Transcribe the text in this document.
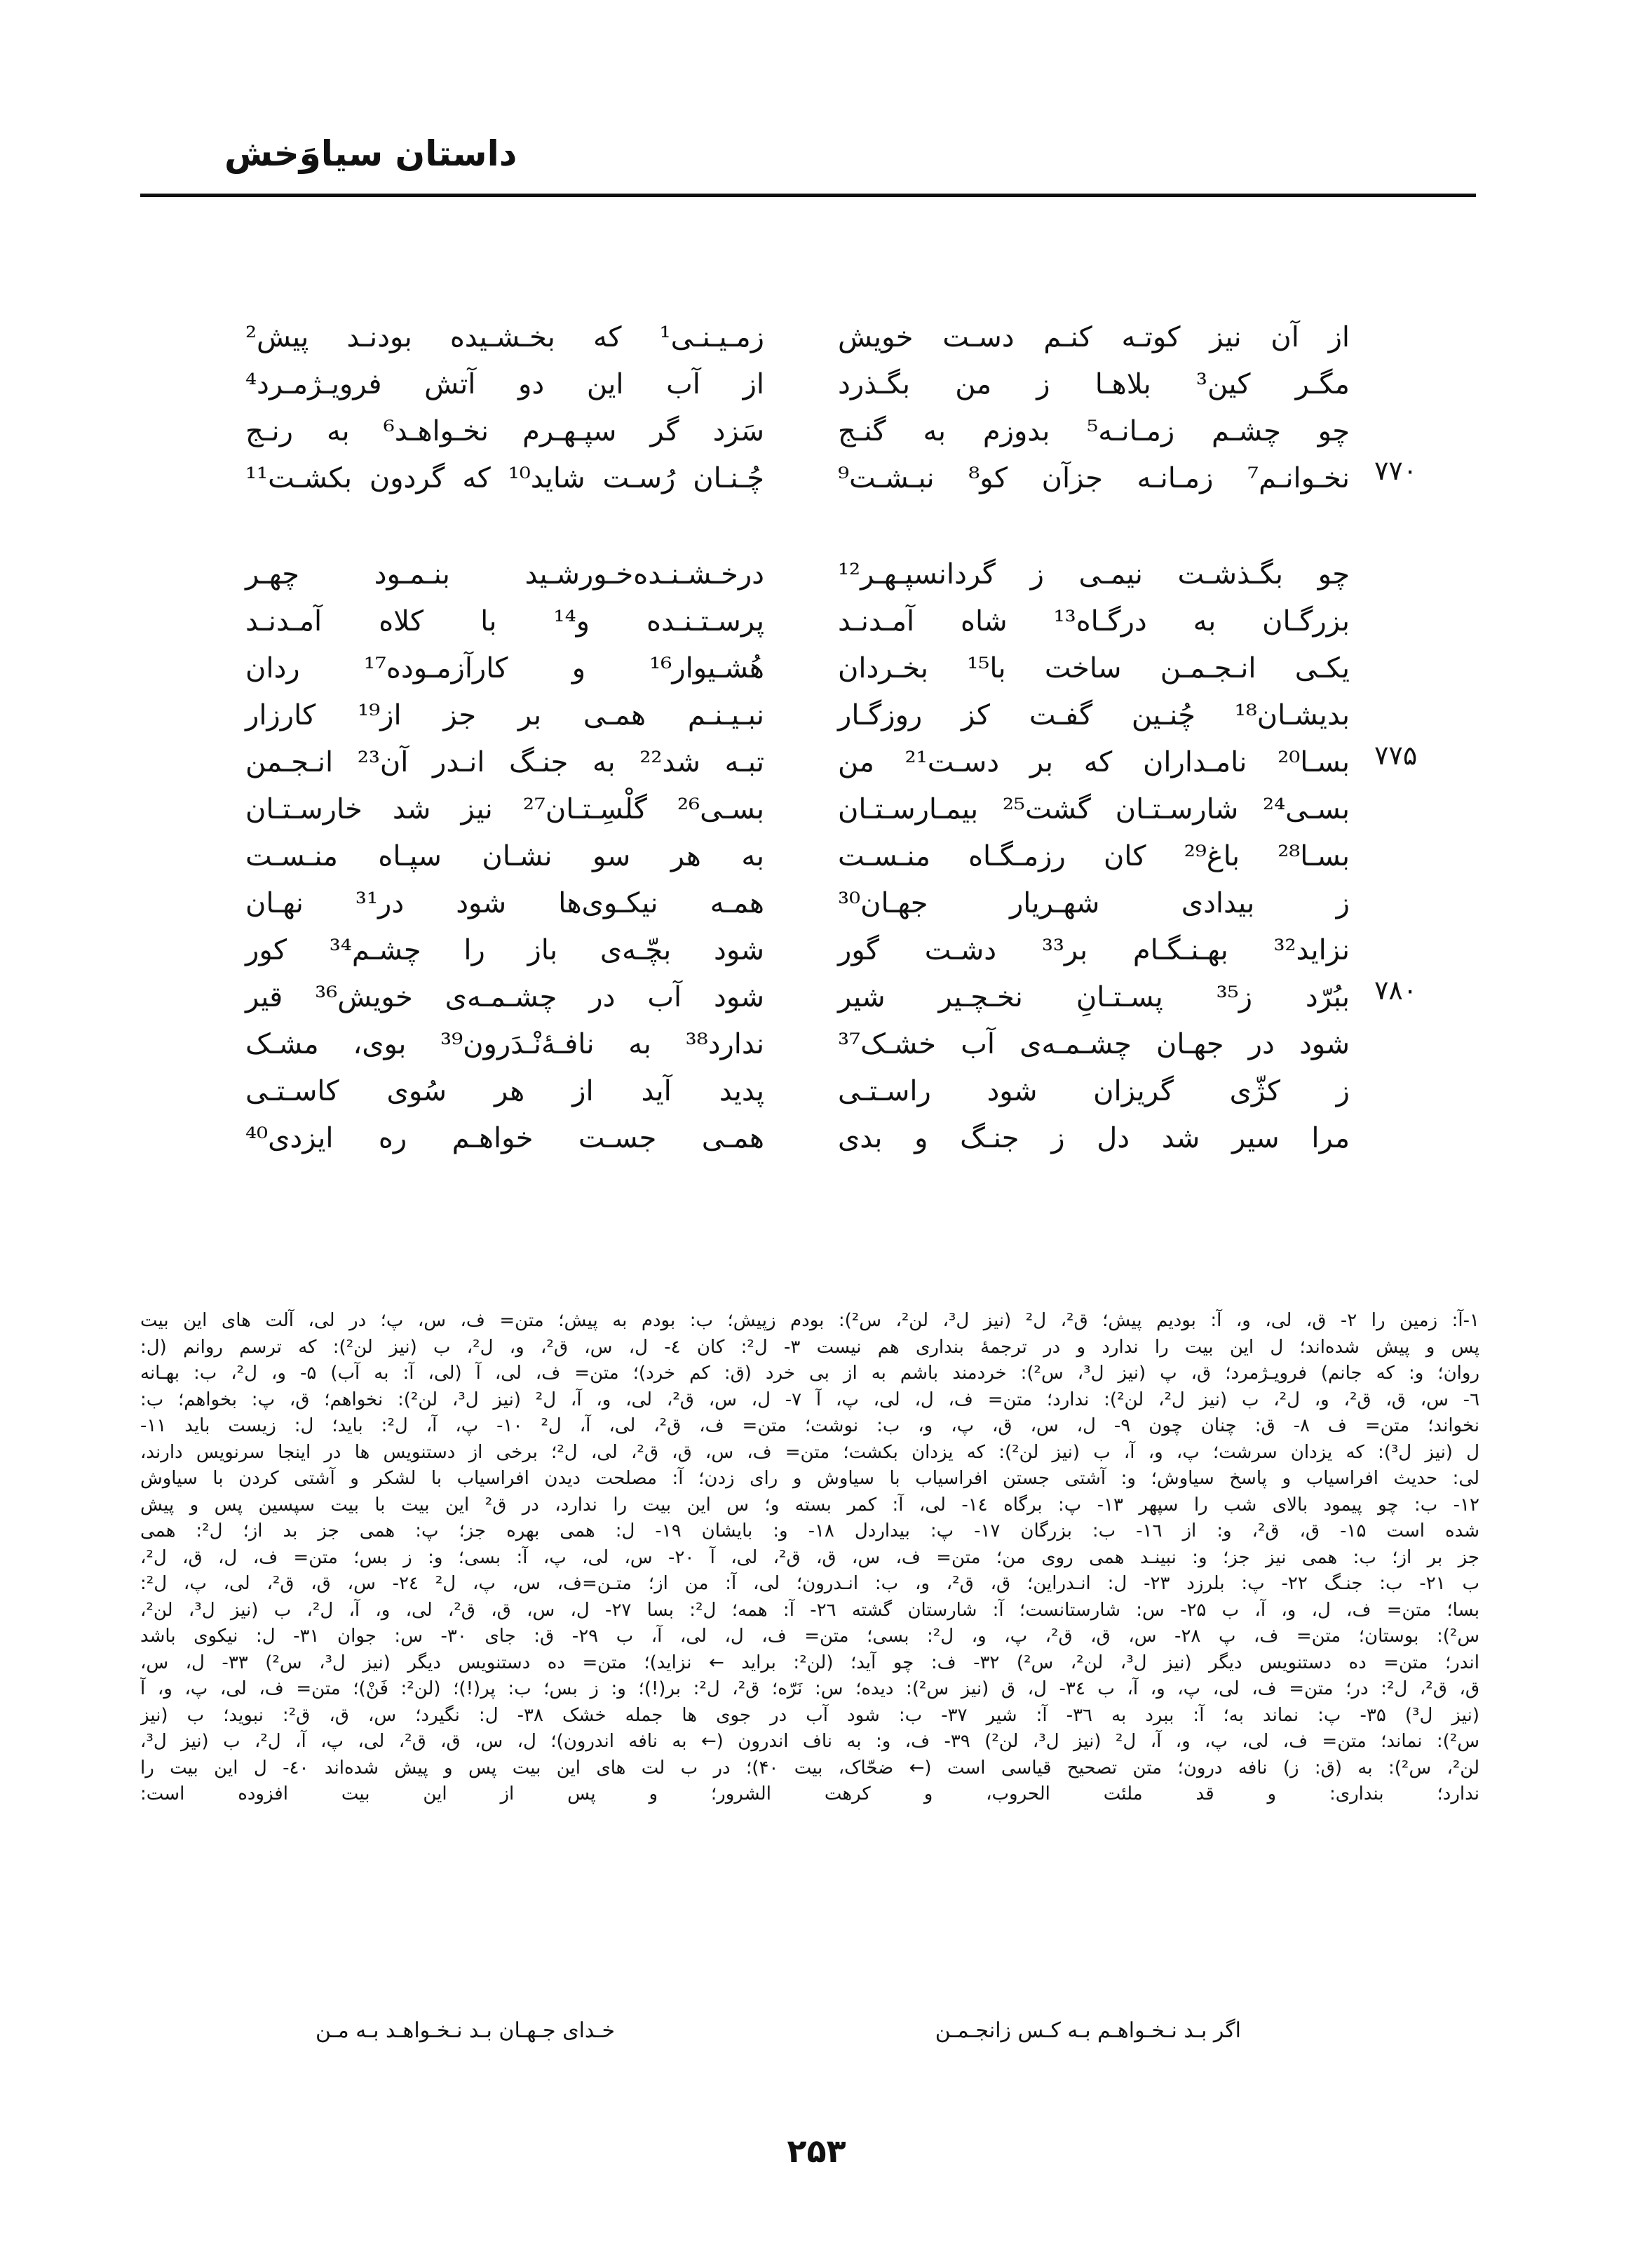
داستان سیاوَخش
از آن نیز کوتـه کنـم دسـت خویش
مگـر کین³ بلاهـا ز من بگـذرد
چو چشـم زمـانـه⁵ بدوزم به گنـج
نخـوانـم⁷ زمـانـه جزآن کو⁸ نبـشـت⁹
چو بگـذشـت نیمـی ز گردانسپـهـر¹²
بزرگـان به درگـاه¹³ شاه آمـدنـد
یکـی انـجـمـن ساخت با¹⁵ بخـردان
بدیشـان¹⁸ چُنـین گفـت کز روزگـار
بسـا²⁰ نامـداران که بر دسـت²¹ من
بسـی²⁴ شارسـتـان گشت²⁵ بیمـارسـتـان
بسـا²⁸ باغ²⁹ کان رزمـگـاه منـسـت
ز بیدادی شهـریار جهـان³⁰
نزاید³² بهـنـگـام بر³³ دشـت گور
ببُرّد ز³⁵ پسـتـانِ نخـچـیر شیر
شود در جهـان چشـمـه‌ی آب خشـک³⁷
ز کژّی گریزان شود راسـتـی
مرا سیر شد دل ز جنـگ و بدی
زمـیـنـی¹ که بخـشـیده بودنـد پیش²
از آب این دو آتش فرویـژمـرد⁴
سَزد گر سپـهـرم نخـواهـد⁶ به رنـج
چُـنـان رُسـت شاید¹⁰ که گردون بکشـت¹¹
درخـشـنـده‌خـورشـید بنـمـود چهـر
پرسـتـنـده و¹⁴ با کلاه آمـدنـد
هُشـیوار¹⁶ و کارآزمـوده¹⁷ ردان
نبـیـنـم همـی بر جز از¹⁹ کارزار
تبـه شد²² به جنـگ انـدر آن²³ انـجـمن
بسـی²⁶ گلْسِـتـان²⁷ نیز شد خارسـتـان
به هر سو نشـان سپـاه منـسـت
همـه نیکـوی‌ها شود در³¹ نهـان
شود بچّـه‌ی باز را چشـم³⁴ کور
شود آب در چشـمـه‌ی خویش³⁶ قیر
ندارد³⁸ به نافـهٔ‌نْـدَرون³⁹ بوی، مشـک
پدید آید از هر سُوی کاسـتـی
همـی جسـت خواهـم ره ایزدی⁴⁰
۷۷۰
۷۷۵
۷۸۰
۱-آ: زمین را ۲- ق، لی، و، آ: بودیم پیش؛ ق²، ل² (نیز ل³، لن²، س²): بودم زپیش؛ ب: بودم به پیش؛ متن= ف، س، پ؛ در لی، آلت های این بیت
پس و پیش شده‌اند؛ ل این بیت را ندارد و در ترجمهٔ بنداری هم نیست ۳- ل²: کان ٤- ل، س، ق²، و، ل²، ب (نیز لن²): که ترسم روانم (ل:
روان؛ و: که جانم) فرویـژمرد؛ ق، پ (نیز ل³، س²): خردمند باشم به از بی خرد (ق: کم خرد)؛ متن= ف، لی، آ (لی، آ: به آب) ۵- و، ل²، ب: بهـانه
٦- س، ق، ق²، و، ل²، ب (نیز ل²، لن²): ندارد؛ متن= ف، ل، لی، پ، آ ۷- ل، س، ق²، لی، و، آ، ل² (نیز ل³، لن²): نخواهم؛ ق، پ: بخواهم؛ ب:
نخواند؛ متن= ف ۸- ق: چنان چون ۹- ل، س، ق، پ، و، ب: نوشت؛ متن= ف، ق²، لی، آ، ل² ۱۰- پ، آ، ل²: باید؛ ل: زیست باید ۱۱-
ل (نیز ل³): که یزدان سرشت؛ پ، و، آ، ب (نیز لن²): که یزدان بکشت؛ متن= ف، س، ق، ق²، لی، ل²؛ برخی از دستنویس ها در اینجا سرنویس دارند،
لی: حدیث افراسیاب و پاسخ سیاوش؛ و: آشتی جستن افراسیاب با سیاوش و رای زدن؛ آ: مصلحت دیدن افراسیاب با لشکر و آشتی کردن با سیاوش
۱۲- ب: چو پیمود بالای شب را سپهر ۱۳- پ: برگاه ۱٤- لی، آ: کمر بسته و؛ س این بیت را ندارد، در ق² این بیت با بیت سپسین پس و پیش
شده است ۱۵- ق، ق²، و: از ۱٦- ب: بزرگان ۱۷- پ: بیداردل ۱۸- و: بایشان ۱۹- ل: همی بهره جز؛ پ: همی جز بد از؛ ل²: همی
جز بر از؛ ب: همی نیز جز؛ و: نبینـد همی روی من؛ متن= ف، س، ق، ق²، لی، آ ۲۰- س، لی، پ، آ: بسی؛ و: ز بس؛ متن= ف، ل، ق، ل²،
ب ۲۱- ب: جنـگ ۲۲- پ: بلرزد ۲۳- ل: انـدراین؛ ق، ق²، و، ب: انـدرون؛ لی، آ: من از؛ متـن=ف، س، پ، ل² ۲٤- س، ق، ق²، لی، پ، ل²:
بسا؛ متن= ف، ل، و، آ، ب ۲۵- س: شارستانست؛ آ: شارستان گشته ۲٦- آ: همه؛ ل²: بسا ۲۷- ل، س، ق، ق²، لی، و، آ، ل²، ب (نیز ل³، لن²،
س²): بوستان؛ متن= ف، پ ۲۸- س، ق، ق²، پ، و، ل²: بسی؛ متن= ف، ل، لی، آ، ب ۲۹- ق: جای ۳۰- س: جوان ۳۱- ل: نیکوی باشد
اندر؛ متن= ده دستنویس دیگر (نیز ل³، لن²، س²) ۳۲- ف: چو آید؛ (لن²: براید ← نزاید)؛ متن= ده دستنویس دیگر (نیز ل³، س²) ۳۳- ل، س،
ق، ق²، ل²: در؛ متن= ف، لی، پ، و، آ، ب ۳٤- ل، ق (نیز س²): دیده؛ س: نَرّه؛ ق²، ل²: بر(!)؛ و: ز بس؛ ب: پر(!)؛ (لن²: فَنْ)؛ متن= ف، لی، پ، و، آ
(نیز ل³) ۳۵- پ: نماند به؛ آ: ببرد به ۳٦- آ: شیر ۳۷- ب: شود آب در جوی ها جمله خشک ۳۸- ل: نگیرد؛ س، ق، ق²: نبوید؛ ب (نیز
س²): نماند؛ متن= ف، لی، پ، و، آ، ل² (نیز ل³، لن²) ۳۹- ف، و: به ناف اندرون (← به نافه اندرون)؛ ل، س، ق، ق²، لی، پ، آ، ل²، ب (نیز ل³،
لن²، س²): به (ق: ز) نافه درون؛ متن تصحیح قیاسی است (← ضحّاک، بیت ۴۰)؛ در ب لت های این بیت پس و پیش شده‌اند ٤۰- ل این بیت را
ندارد؛ بنداری: و قد ملئت الحروب، و کرهت الشرور؛ و پس از این بیت افزوده است:
اگر بـد نـخـواهـم بـه کـس زانجـمـن
خـدای جـهـان بـد نـخـواهـد بـه مـن
۲۵۳
